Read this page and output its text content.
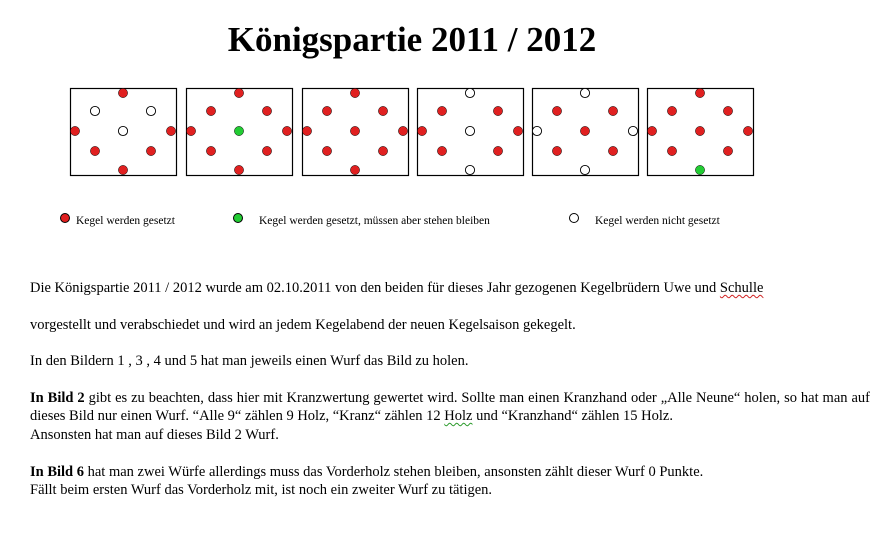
Königspartie 2011 / 2012
Kegel werden gesetzt	Kegel werden gesetzt, müssen aber stehen bleiben	Kegel werden nicht gesetzt

Die Königspartie 2011 / 2012 wurde am 02.10.2011 von den beiden für dieses Jahr gezogenen Kegelbrüdern Uwe und Schulle

vorgestellt und verabschiedet und wird an jedem Kegelabend der neuen Kegelsaison gekegelt.

In den Bildern 1 , 3 , 4 und 5 hat man jeweils einen Wurf das Bild zu holen.

In Bild 2 gibt es zu beachten, dass hier mit Kranzwertung gewertet wird. Sollte man einen Kranzhand oder „Alle Neune“ holen, so hat man auf dieses Bild nur einen Wurf. “Alle 9“ zählen 9 Holz, “Kranz“ zählen 12 Holz und “Kranzhand“ zählen 15 Holz.

Ansonsten hat man auf dieses Bild 2 Wurf.

In Bild 6 hat man zwei Würfe allerdings muss das Vorderholz stehen bleiben, ansonsten zählt dieser Wurf 0 Punkte.

Fällt beim ersten Wurf das Vorderholz mit, ist noch ein zweiter Wurf zu tätigen.
